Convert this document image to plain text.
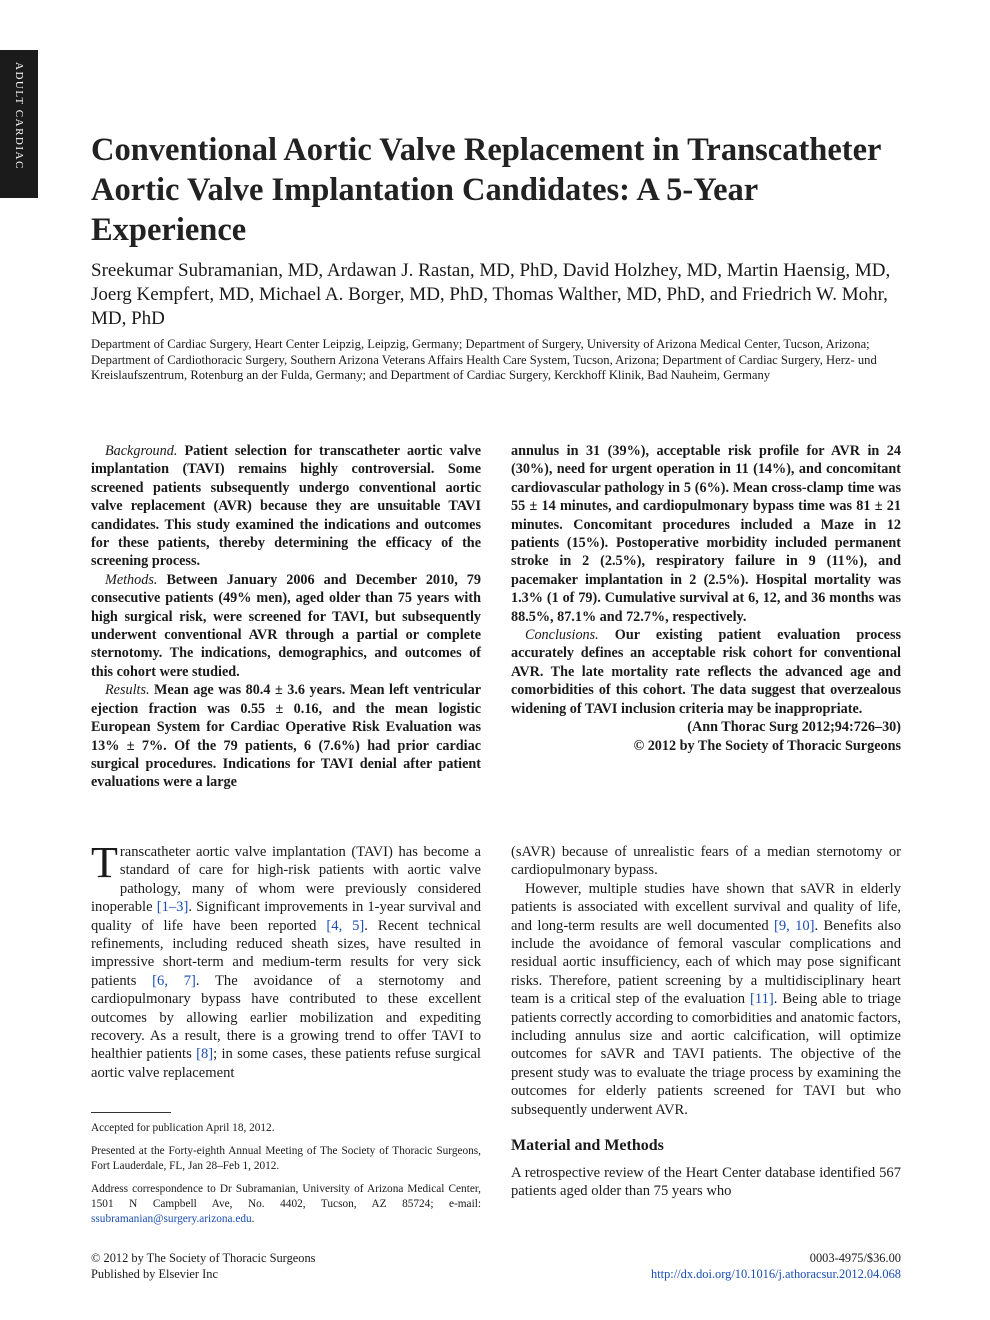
ADULT CARDIAC Conventional Aortic Valve Replacement in Transcatheter Aortic Valve Implantation Candidates: A 5-Year Experience

Sreekumar Subramanian, MD, Ardawan J. Rastan, MD, PhD, David Holzhey, MD, Martin Haensig, MD, Joerg Kempfert, MD, Michael A. Borger, MD, PhD, Thomas Walther, MD, PhD, and Friedrich W. Mohr, MD, PhD

Department of Cardiac Surgery, Heart Center Leipzig, Leipzig, Germany; Department of Surgery, University of Arizona Medical Center, Tucson, Arizona; Department of Cardiothoracic Surgery, Southern Arizona Veterans Affairs Health Care System, Tucson, Arizona; Department of Cardiac Surgery, Herz- und Kreislaufszentrum, Rotenburg an der Fulda, Germany; and Department of Cardiac Surgery, Kerckhoff Klinik, Bad Nauheim, Germany

Background. Patient selection for transcatheter aortic valve implantation (TAVI) remains highly controversial. Some screened patients subsequently undergo conventional aortic valve replacement (AVR) because they are unsuitable TAVI candidates. This study examined the indications and outcomes for these patients, thereby determining the efficacy of the screening process.

Methods. Between January 2006 and December 2010, 79 consecutive patients (49% men), aged older than 75 years with high surgical risk, were screened for TAVI, but subsequently underwent conventional AVR through a partial or complete sternotomy. The indications, demographics, and outcomes of this cohort were studied.

Results. Mean age was 80.4 ± 3.6 years. Mean left ventricular ejection fraction was 0.55 ± 0.16, and the mean logistic European System for Cardiac Operative Risk Evaluation was 13% ± 7%. Of the 79 patients, 6 (7.6%) had prior cardiac surgical procedures. Indications for TAVI denial after patient evaluations were a large

annulus in 31 (39%), acceptable risk profile for AVR in 24 (30%), need for urgent operation in 11 (14%), and concomitant cardiovascular pathology in 5 (6%). Mean cross-clamp time was 55 ± 14 minutes, and cardiopulmonary bypass time was 81 ± 21 minutes. Concomitant procedures included a Maze in 12 patients (15%). Postoperative morbidity included permanent stroke in 2 (2.5%), respiratory failure in 9 (11%), and pacemaker implantation in 2 (2.5%). Hospital mortality was 1.3% (1 of 79). Cumulative survival at 6, 12, and 36 months was 88.5%, 87.1% and 72.7%, respectively.

Conclusions. Our existing patient evaluation process accurately defines an acceptable risk cohort for conventional AVR. The late mortality rate reflects the advanced age and comorbidities of this cohort. The data suggest that overzealous widening of TAVI inclusion criteria may be inappropriate.

(Ann Thorac Surg 2012;94:726–30)

© 2012 by The Society of Thoracic Surgeons

Transcatheter aortic valve implantation (TAVI) has become a standard of care for high-risk patients with aortic valve pathology, many of whom were previously considered inoperable [1–3]. Significant improvements in 1-year survival and quality of life have been reported [4, 5]. Recent technical refinements, including reduced sheath sizes, have resulted in impressive short-term and medium-term results for very sick patients [6, 7]. The avoidance of a sternotomy and cardiopulmonary bypass have contributed to these excellent outcomes by allowing earlier mobilization and expediting recovery. As a result, there is a growing trend to offer TAVI to healthier patients [8]; in some cases, these patients refuse surgical aortic valve replacement

(sAVR) because of unrealistic fears of a median sternotomy or cardiopulmonary bypass.

However, multiple studies have shown that sAVR in elderly patients is associated with excellent survival and quality of life, and long-term results are well documented [9, 10]. Benefits also include the avoidance of femoral vascular complications and residual aortic insufficiency, each of which may pose significant risks. Therefore, patient screening by a multidisciplinary heart team is a critical step of the evaluation [11]. Being able to triage patients correctly according to comorbidities and anatomic factors, including annulus size and aortic calcification, will optimize outcomes for sAVR and TAVI patients. The objective of the present study was to evaluate the triage process by examining the outcomes for elderly patients screened for TAVI but who subsequently underwent AVR.

Material and Methods

A retrospective review of the Heart Center database identified 567 patients aged older than 75 years who

Accepted for publication April 18, 2012.

Presented at the Forty-eighth Annual Meeting of The Society of Thoracic Surgeons, Fort Lauderdale, FL, Jan 28–Feb 1, 2012.

Address correspondence to Dr Subramanian, University of Arizona Medical Center, 1501 N Campbell Ave, No. 4402, Tucson, AZ 85724; e-mail: ssubramanian@surgery.arizona.edu.

© 2012 by The Society of Thoracic Surgeons
Published by Elsevier Inc
0003-4975/$36.00
http://dx.doi.org/10.1016/j.athoracsur.2012.04.068
